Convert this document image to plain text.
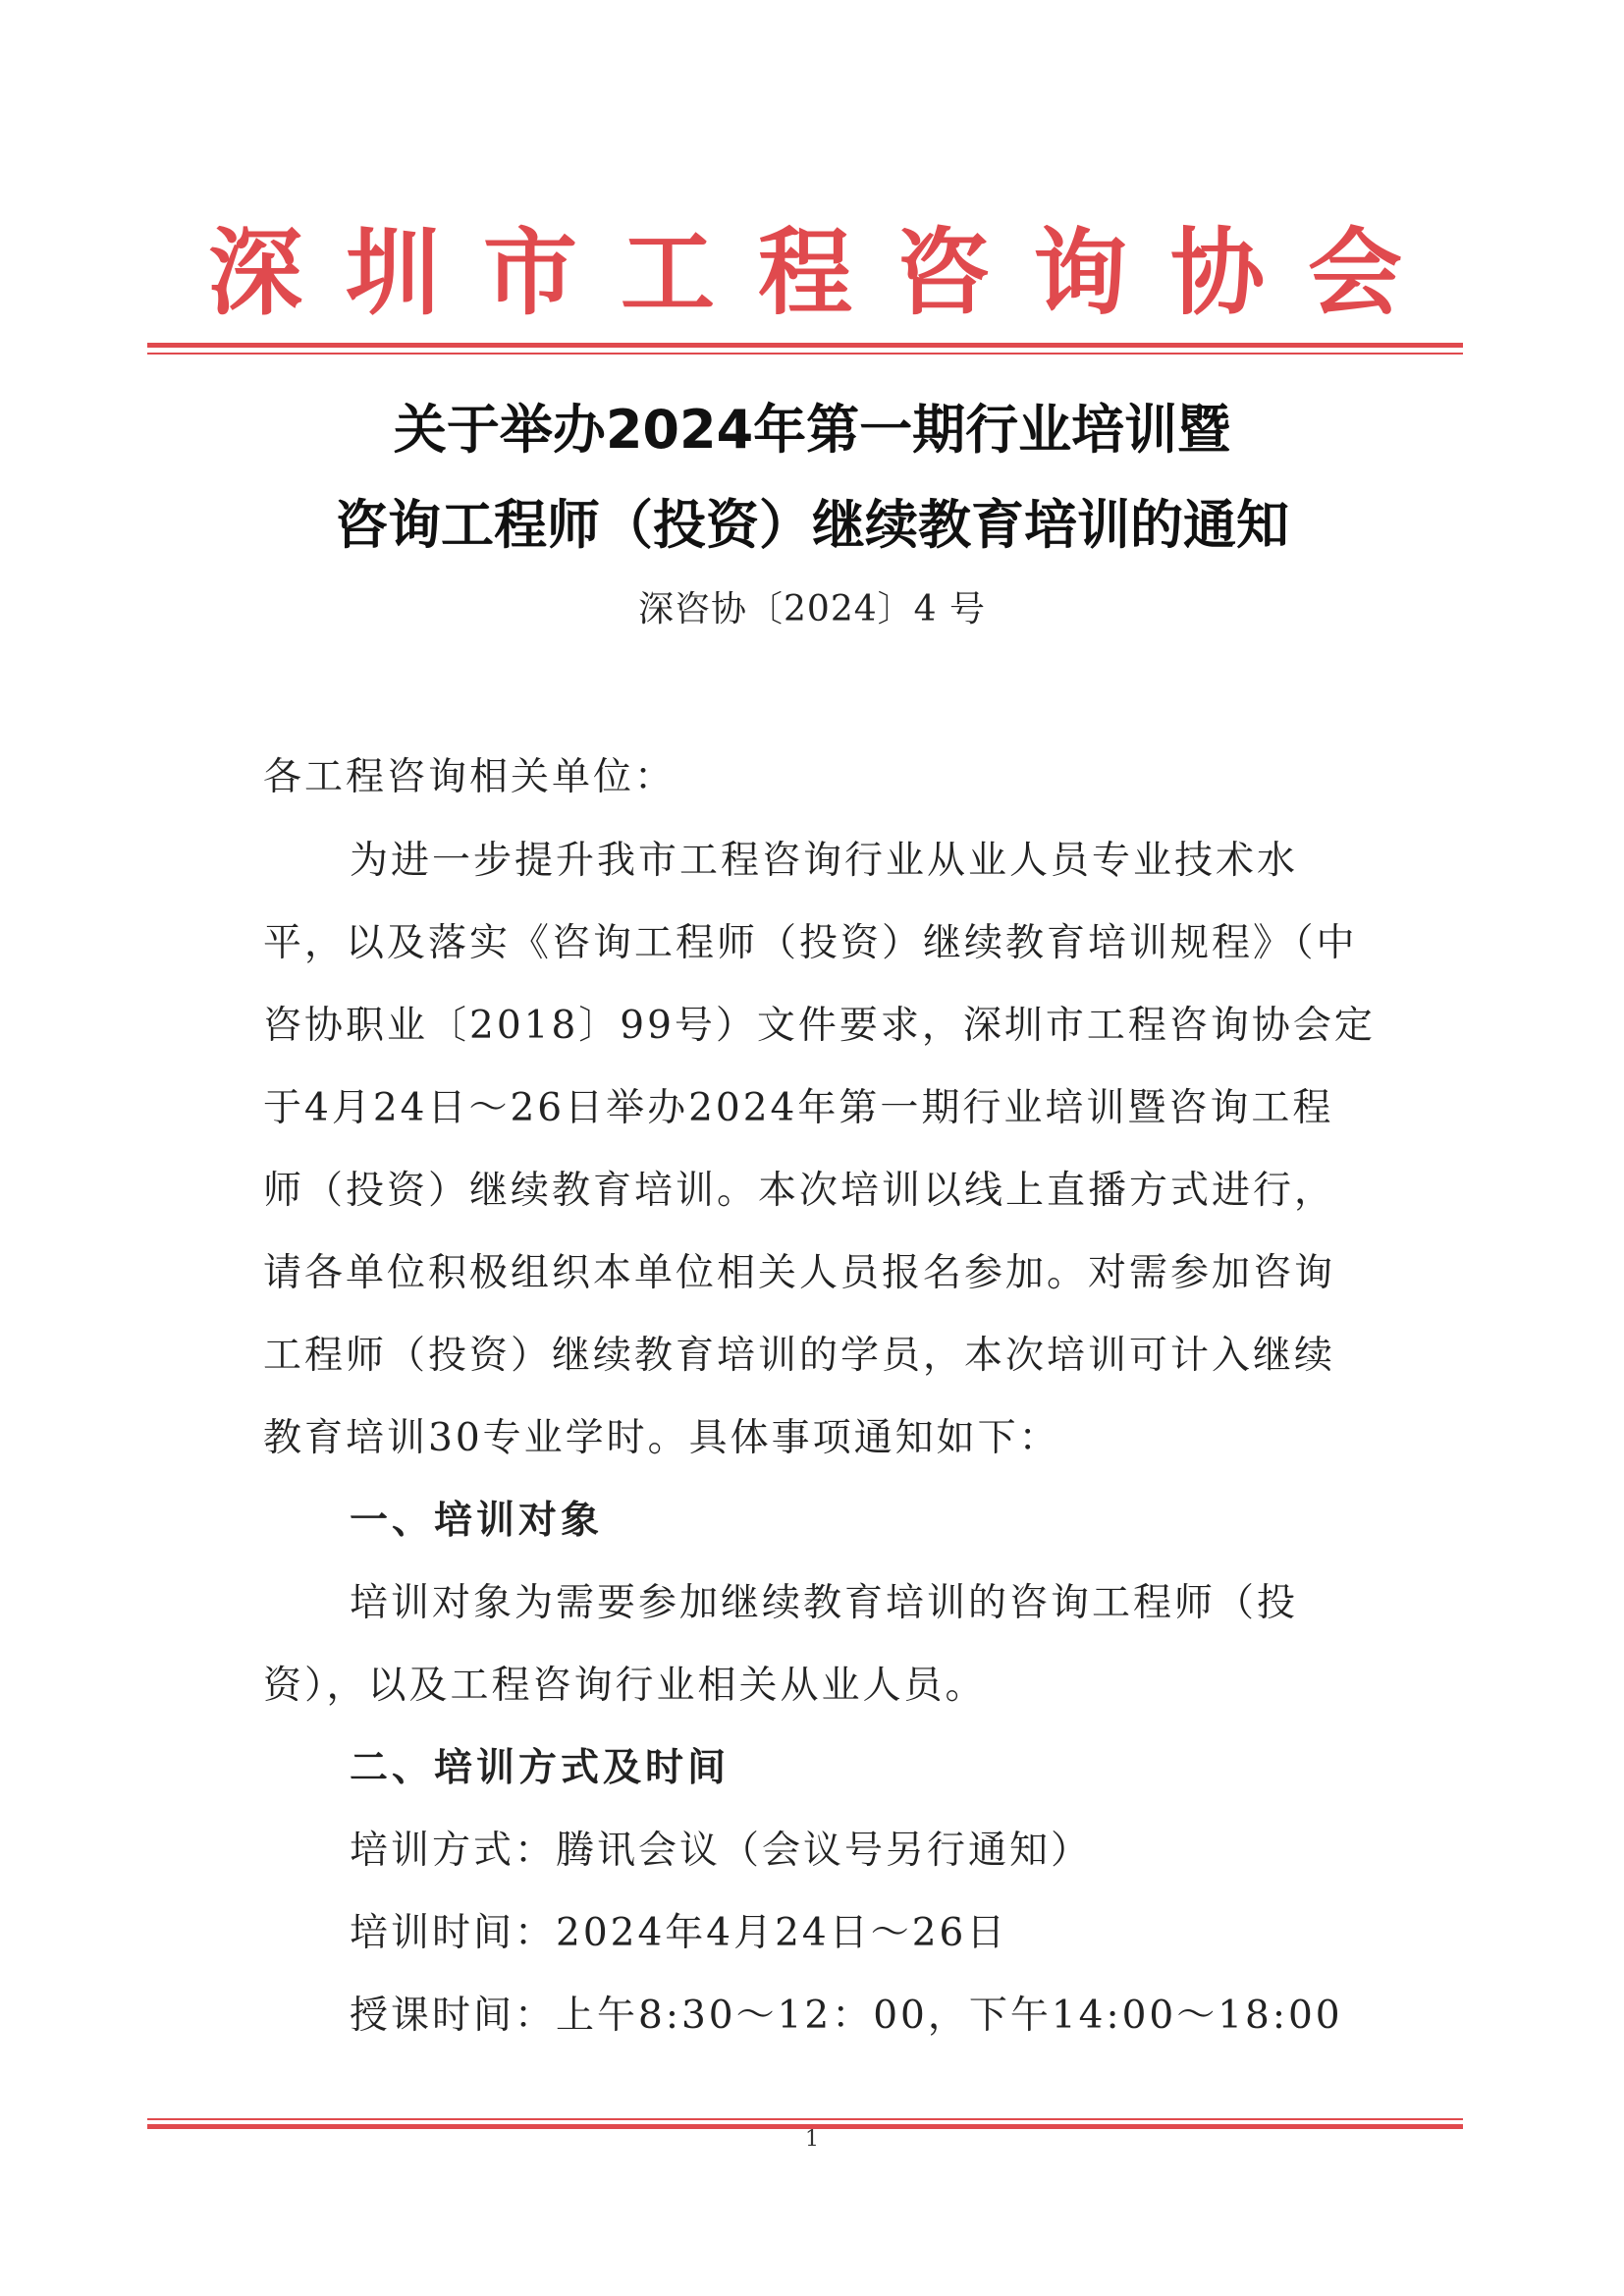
深圳市工程咨询协会
关于举办2024年第一期行业培训暨
咨询工程师（投资）继续教育培训的通知
深咨协〔2024〕4 号
各工程咨询相关单位：
为进一步提升我市工程咨询行业从业人员专业技术水
平，以及落实《咨询工程师（投资）继续教育培训规程》（中
咨协职业〔2018〕99号）文件要求，深圳市工程咨询协会定
于4月24日～26日举办2024年第一期行业培训暨咨询工程
师（投资）继续教育培训。本次培训以线上直播方式进行，
请各单位积极组织本单位相关人员报名参加。对需参加咨询
工程师（投资）继续教育培训的学员，本次培训可计入继续
教育培训30专业学时。具体事项通知如下：
一、培训对象
培训对象为需要参加继续教育培训的咨询工程师（投
资），以及工程咨询行业相关从业人员。
二、培训方式及时间
培训方式：腾讯会议（会议号另行通知）
培训时间：2024年4月24日～26日
授课时间：上午8:30～12：00，下午14:00～18:00
1
